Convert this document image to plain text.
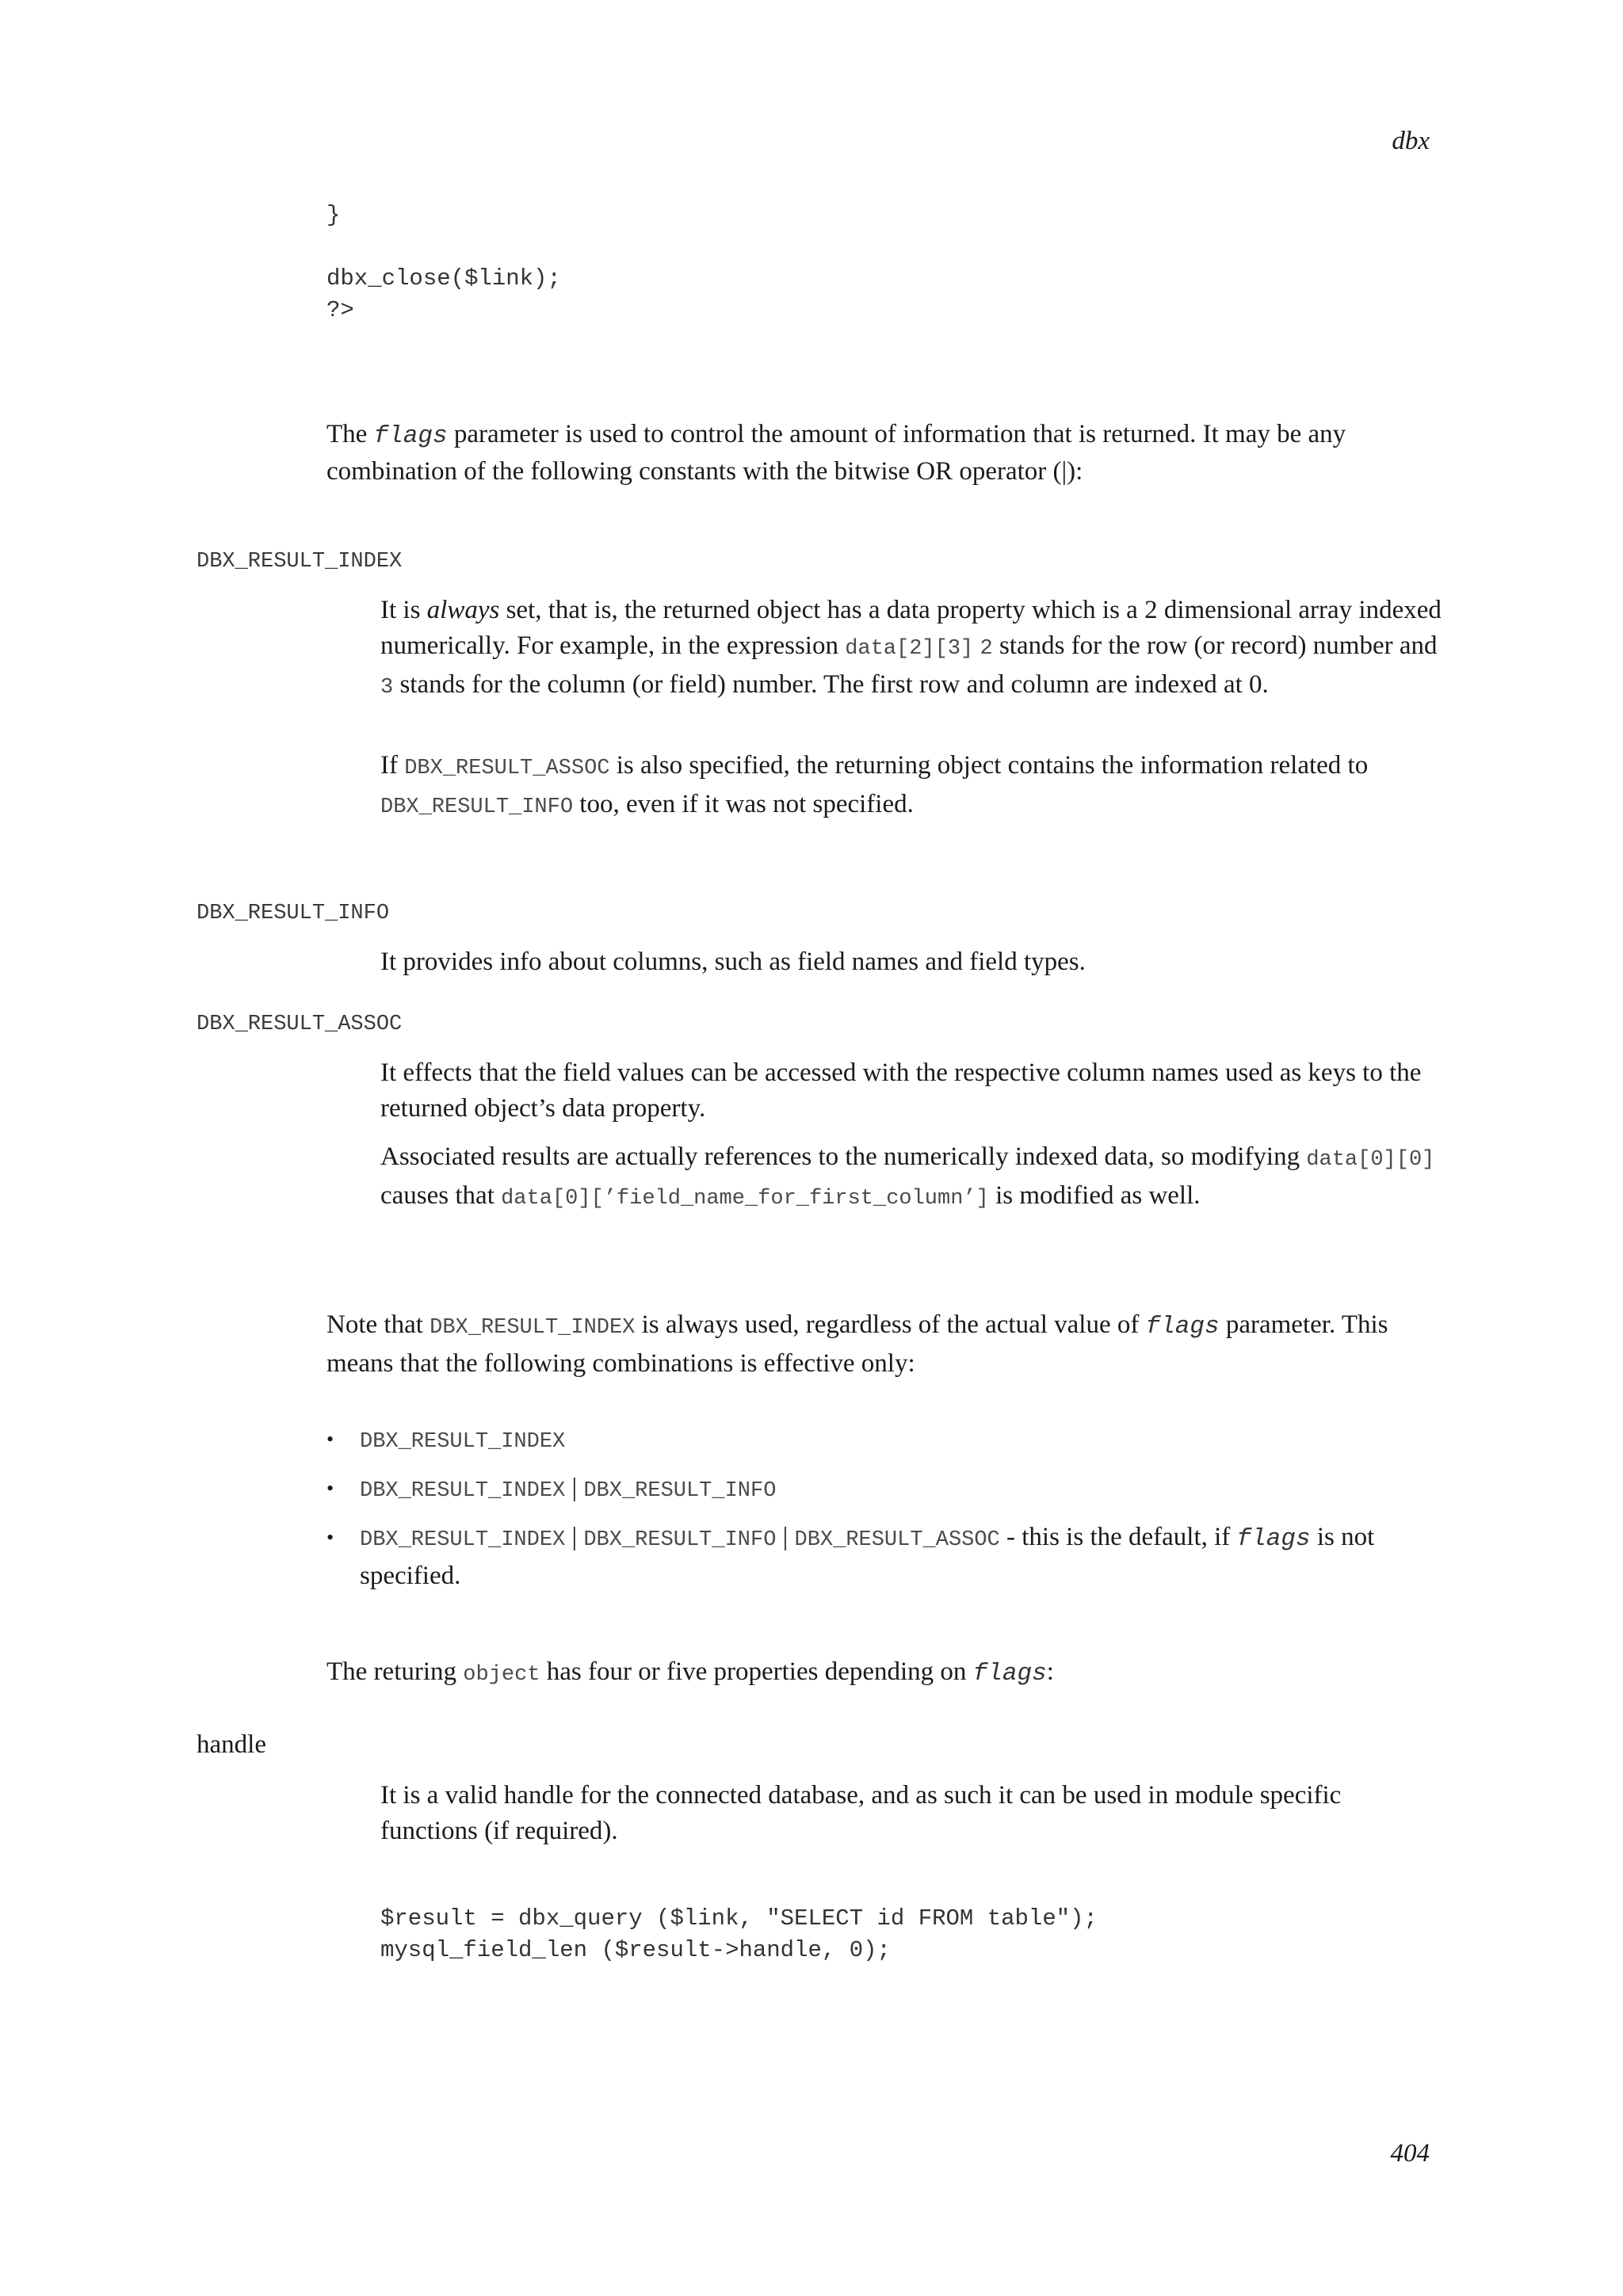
dbx
}

dbx_close($link);
?>

The flags parameter is used to control the amount of information that is returned. It may be any combination of the following constants with the bitwise OR operator (|):

DBX_RESULT_INDEX

It is always set, that is, the returned object has a data property which is a 2 dimensional array indexed numerically. For example, in the expression data[2][3] 2 stands for the row (or record) number and 3 stands for the column (or field) number. The first row and column are indexed at 0.

If DBX_RESULT_ASSOC is also specified, the returning object contains the information related to DBX_RESULT_INFO too, even if it was not specified.

DBX_RESULT_INFO

It provides info about columns, such as field names and field types.

DBX_RESULT_ASSOC

It effects that the field values can be accessed with the respective column names used as keys to the returned object’s data property.

Associated results are actually references to the numerically indexed data, so modifying data[0][0] causes that data[0][’field_name_for_first_column’] is modified as well.

Note that DBX_RESULT_INDEX is always used, regardless of the actual value of flags parameter. This means that the following combinations is effective only:

• DBX_RESULT_INDEX
• DBX_RESULT_INDEX | DBX_RESULT_INFO
• DBX_RESULT_INDEX | DBX_RESULT_INFO | DBX_RESULT_ASSOC - this is the default, if flags is not specified.

The returing object has four or five properties depending on flags:

handle

It is a valid handle for the connected database, and as such it can be used in module specific functions (if required).

$result = dbx_query ($link, "SELECT id FROM table");
mysql_field_len ($result->handle, 0);
404
